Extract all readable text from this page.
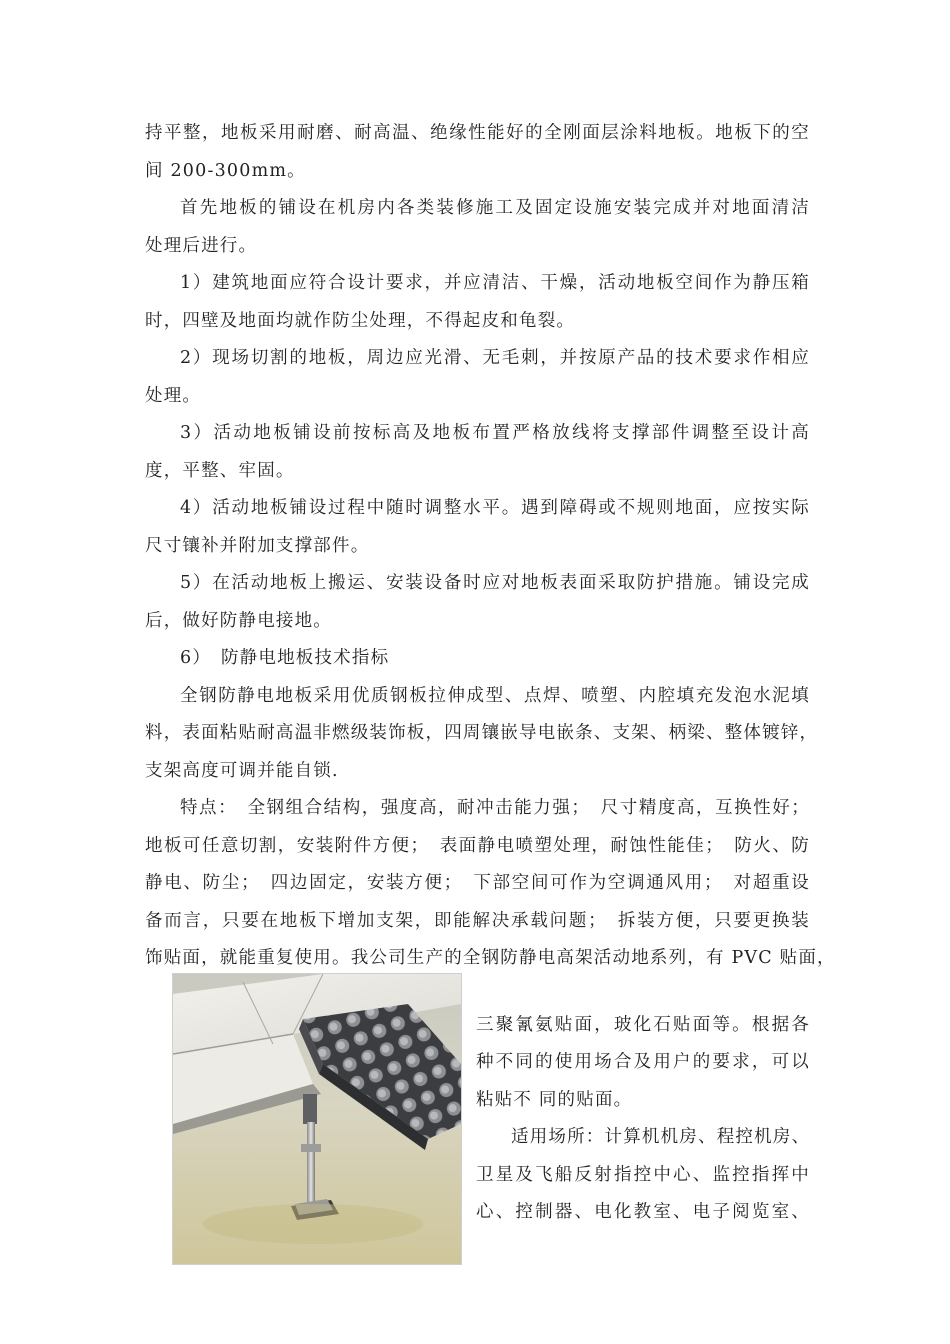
持平整，地板采用耐磨、耐高温、绝缘性能好的全刚面层涂料地板。地板下的空
间 200-300mm。
首先地板的铺设在机房内各类装修施工及固定设施安装完成并对地面清洁
处理后进行。
1）建筑地面应符合设计要求，并应清洁、干燥，活动地板空间作为静压箱
时，四壁及地面均就作防尘处理，不得起皮和龟裂。
2）现场切割的地板，周边应光滑、无毛刺，并按原产品的技术要求作相应
处理。
3）活动地板铺设前按标高及地板布置严格放线将支撑部件调整至设计高
度，平整、牢固。
4）活动地板铺设过程中随时调整水平。遇到障碍或不规则地面，应按实际
尺寸镶补并附加支撑部件。
5）在活动地板上搬运、安装设备时应对地板表面采取防护措施。铺设完成
后，做好防静电接地。
6）　防静电地板技术指标
全钢防静电地板采用优质钢板拉伸成型、点焊、喷塑、内腔填充发泡水泥填
料，表面粘贴耐高温非燃级装饰板，四周镶嵌导电嵌条、支架、柄梁、整体镀锌，
支架高度可调并能自锁.
特点：　全钢组合结构，强度高，耐冲击能力强；　尺寸精度高，互换性好；
地板可任意切割，安装附件方便；　表面静电喷塑处理，耐蚀性能佳；　防火、防
静电、防尘；　四边固定，安装方便；　下部空间可作为空调通风用；　对超重设
备而言，只要在地板下增加支架，即能解决承载问题；　拆装方便，只要更换装
饰贴面，就能重复使用。我公司生产的全钢防静电高架活动地系列，有 PVC 贴面，
三聚氰氨贴面，玻化石贴面等。根据各
种不同的使用场合及用户的要求，可以
粘贴不 同的贴面。
适用场所：计算机机房、程控机房、
卫星及飞船反射指控中心、监控指挥中
心、控制器、电化教室、电子阅览室、
